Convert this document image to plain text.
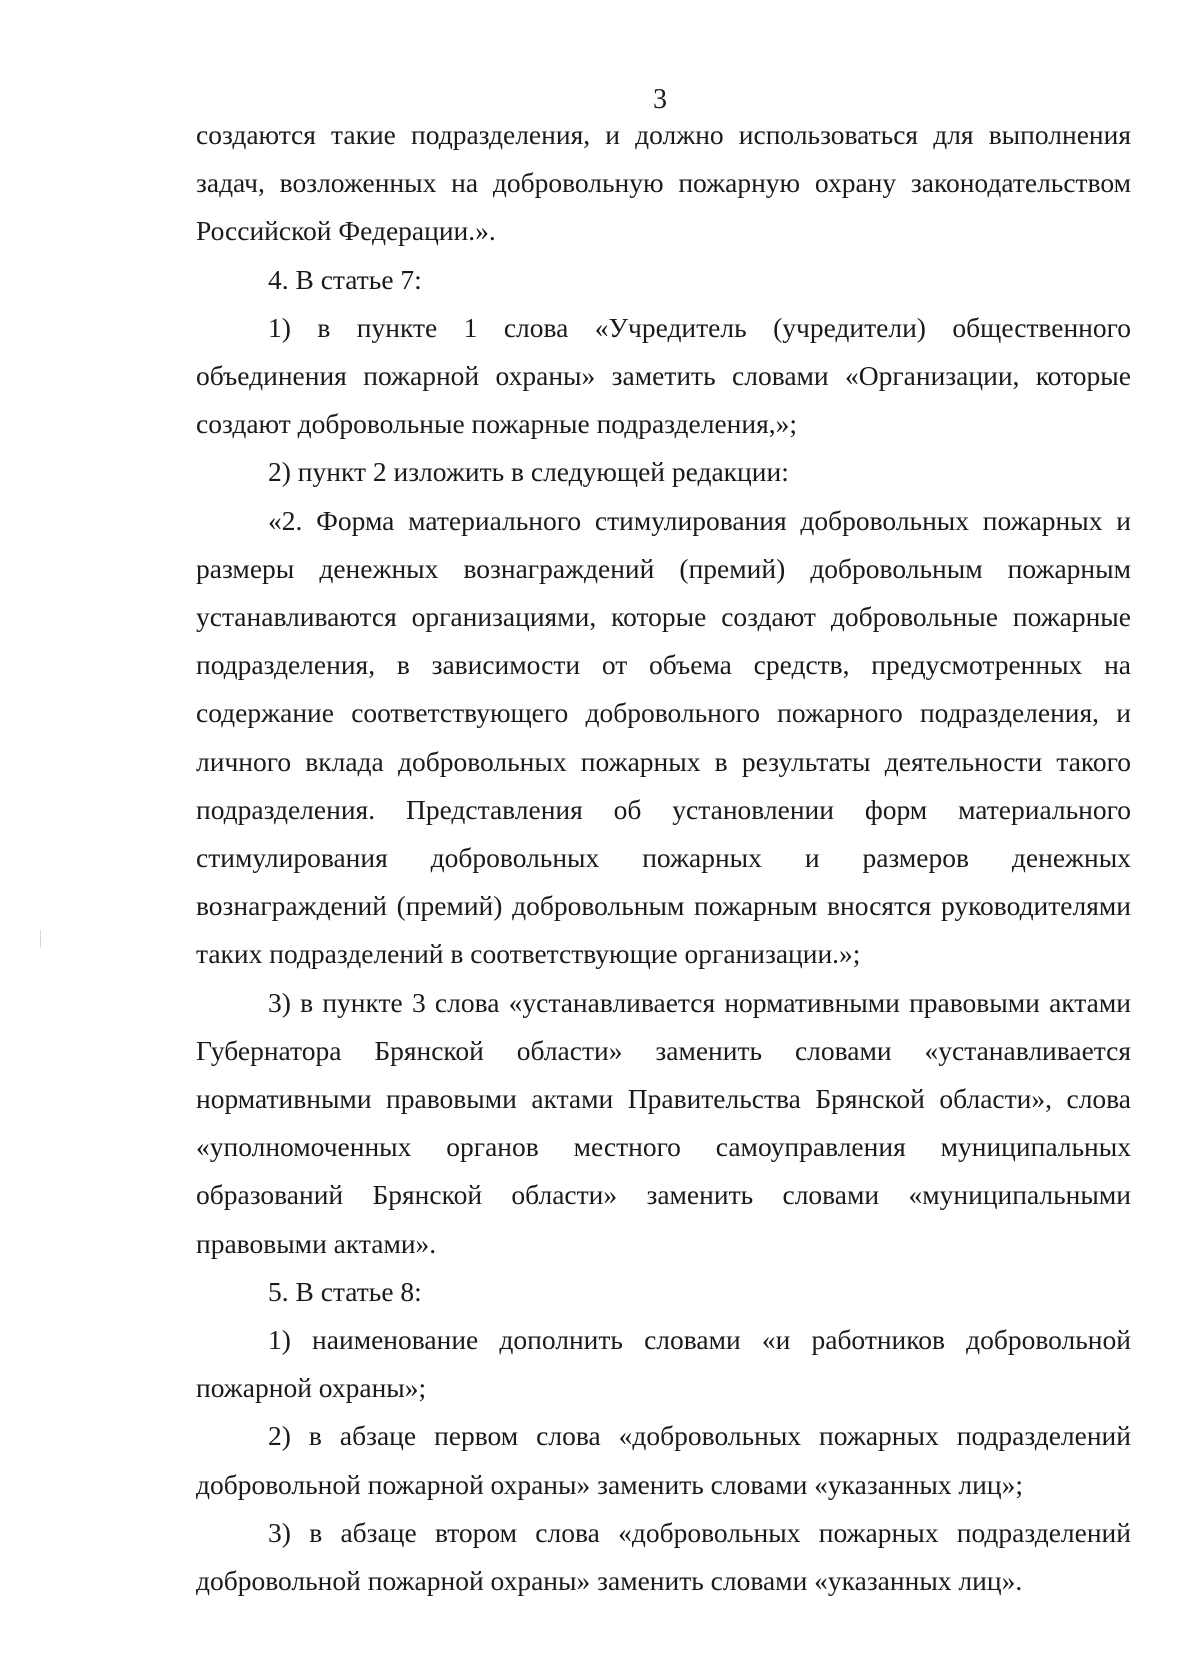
3

создаются такие подразделения, и должно использоваться для выполнения задач, возложенных на добровольную пожарную охрану законодательством Российской Федерации.».

4. В статье 7:

1) в пункте 1 слова «Учредитель (учредители) общественного объединения пожарной охраны» заметить словами «Организации, которые создают добровольные пожарные подразделения,»;

2) пункт 2 изложить в следующей редакции:

«2. Форма материального стимулирования добровольных пожарных и размеры денежных вознаграждений (премий) добровольным пожарным устанавливаются организациями, которые создают добровольные пожарные подразделения, в зависимости от объема средств, предусмотренных на содержание соответствующего добровольного пожарного подразделения, и личного вклада добровольных пожарных в результаты деятельности такого подразделения. Представления об установлении форм материального стимулирования добровольных пожарных и размеров денежных вознаграждений (премий) добровольным пожарным вносятся руководителями таких подразделений в соответствующие организации.»;

3) в пункте 3 слова «устанавливается нормативными правовыми актами Губернатора Брянской области» заменить словами «устанавливается нормативными правовыми актами Правительства Брянской области», слова «уполномоченных органов местного самоуправления муниципальных образований Брянской области» заменить словами «муниципальными правовыми актами».

5. В статье 8:

1) наименование дополнить словами «и работников добровольной пожарной охраны»;

2) в абзаце первом слова «добровольных пожарных подразделений добровольной пожарной охраны» заменить словами «указанных лиц»;

3) в абзаце втором слова «добровольных пожарных подразделений добровольной пожарной охраны» заменить словами «указанных лиц».
